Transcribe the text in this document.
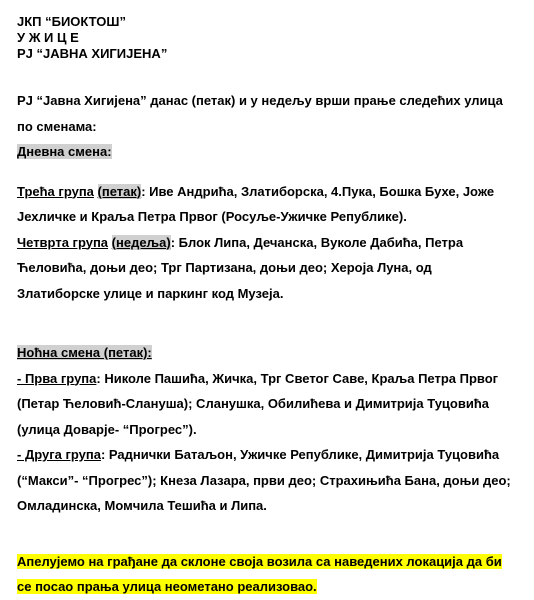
ЈКП “БИОКТОШ”
У Ж И Ц Е
РЈ “ЈАВНА ХИГИЈЕНА”

РЈ “Јавна Хигијена” данас (петак) и у недељу врши прање следећих улица по сменама:

Дневна смена:

Трећа група (петак): Иве Андрића, Златиборска, 4.Пука, Бошка Бухе, Јоже Јехличке и Краља Петра Првог (Росуље-Ужичке Републике).

Четврта група (недеља): Блок Липа, Дечанска, Вуколе Дабића, Петра Ћеловића, доњи део; Трг Партизана, доњи део; Хероја Луна, од Златиборске улице и паркинг код Музеја.

Ноћна смена (петак):

- Прва група: Николе Пашића, Жичка, Трг Светог Саве, Краља Петра Првог (Петар Ћеловић-Слануша); Сланушка, Обилићева и Димитрија Туцовића (улица Доварје- “Прогрес”).

- Друга група: Раднички Батаљон, Ужичке Републике, Димитрија Туцовића (“Макси”- “Прогрес”); Кнеза Лазара, први део; Страхињића Бана, доњи део; Омладинска, Момчила Тешића и Липа.

Апелујемо на грађане да склоне своја возила са наведених локација да би се посао прања улица неометано реализовао.
